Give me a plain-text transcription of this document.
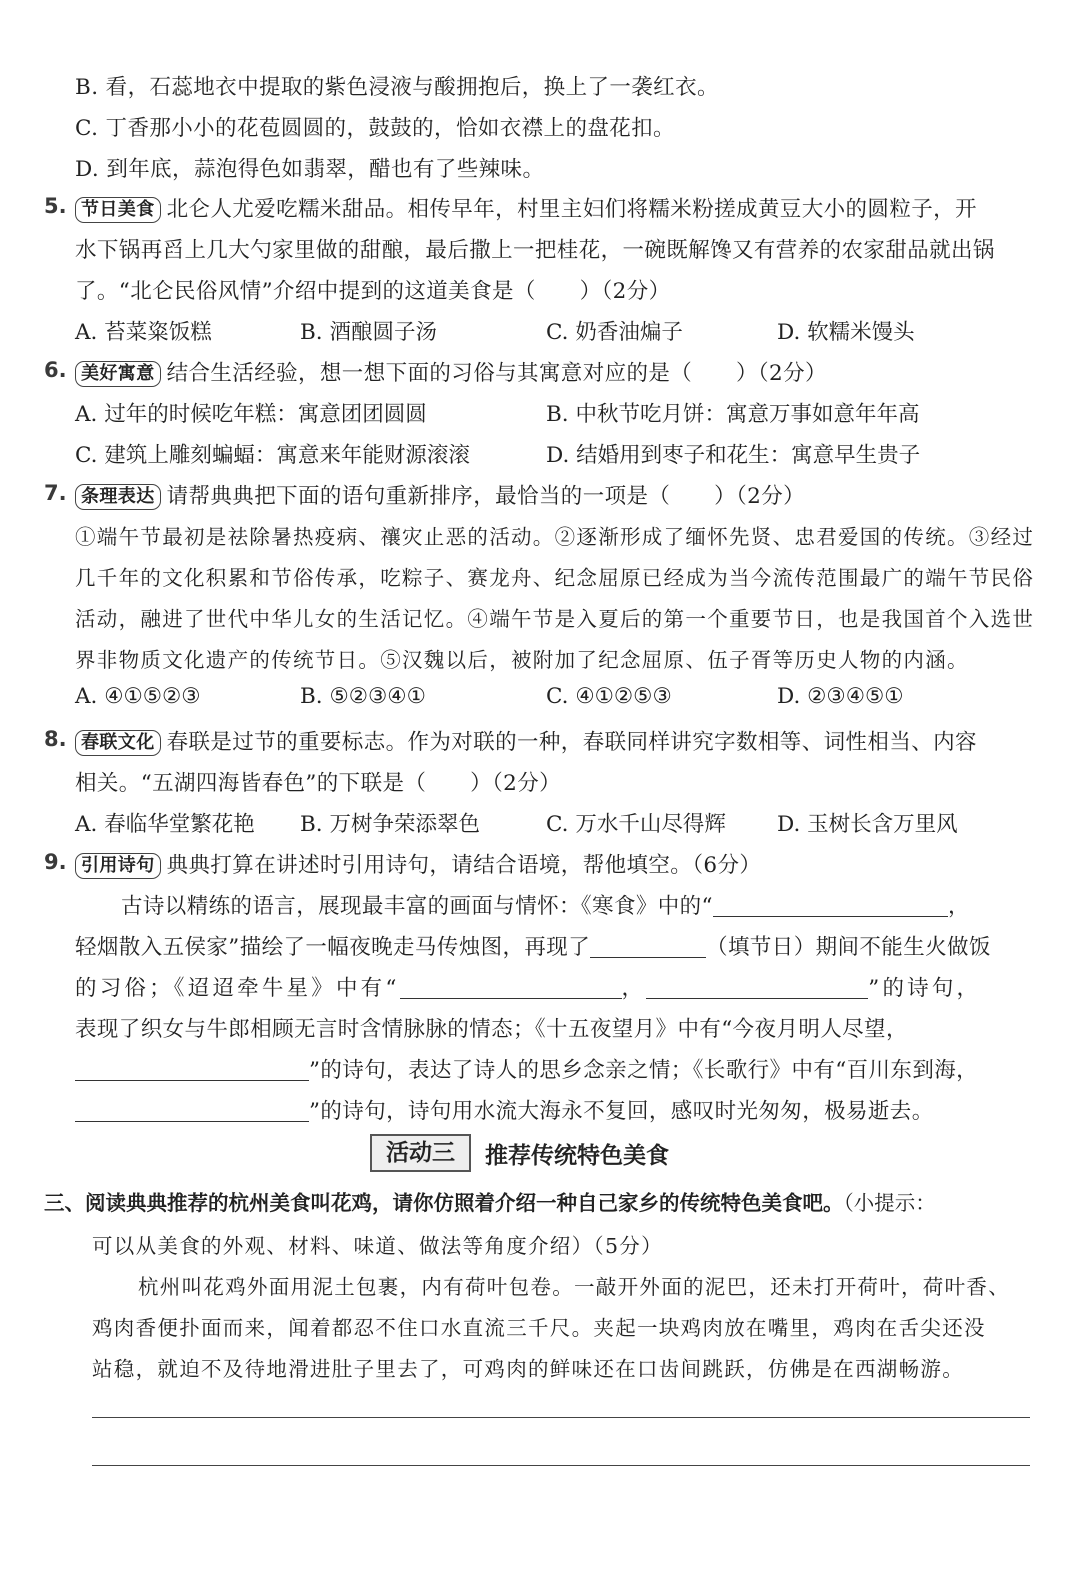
B. 看，石蕊地衣中提取的紫色浸液与酸拥抱后，换上了一袭红衣。
C. 丁香那小小的花苞圆圆的，鼓鼓的，恰如衣襟上的盘花扣。
D. 到年底，蒜泡得色如翡翠，醋也有了些辣味。
5. 节日美食 北仑人尤爱吃糯米甜品。相传早年，村里主妇们将糯米粉搓成黄豆大小的圆粒子，开
水下锅再舀上几大勺家里做的甜酿，最后撒上一把桂花，一碗既解馋又有营养的农家甜品就出锅
了。“北仑民俗风情”介绍中提到的这道美食是（　　）（2分）
A. 苔菜粢饭糕	B. 酒酿圆子汤	C. 奶香油煸子	D. 软糯米馒头
6. 美好寓意 结合生活经验，想一想下面的习俗与其寓意对应的是（　　）（2分）
A. 过年的时候吃年糕：寓意团团圆圆	B. 中秋节吃月饼：寓意万事如意年年高
C. 建筑上雕刻蝙蝠：寓意来年能财源滚滚	D. 结婚用到枣子和花生：寓意早生贵子
7. 条理表达 请帮典典把下面的语句重新排序，最恰当的一项是（　　）（2分）
①端午节最初是祛除暑热疫病、禳灾止恶的活动。②逐渐形成了缅怀先贤、忠君爱国的传统。③经过
几千年的文化积累和节俗传承，吃粽子、赛龙舟、纪念屈原已经成为当今流传范围最广的端午节民俗
活动，融进了世代中华儿女的生活记忆。④端午节是入夏后的第一个重要节日，也是我国首个入选世
界非物质文化遗产的传统节日。⑤汉魏以后，被附加了纪念屈原、伍子胥等历史人物的内涵。
A. ④①⑤②③	B. ⑤②③④①	C. ④①②⑤③	D. ②③④⑤①
8. 春联文化 春联是过节的重要标志。作为对联的一种，春联同样讲究字数相等、词性相当、内容
相关。“五湖四海皆春色”的下联是（　　）（2分）
A. 春临华堂繁花艳 B. 万树争荣添翠色	C. 万水千山尽得辉 D. 玉树长含万里风
9. 引用诗句 典典打算在讲述时引用诗句，请结合语境，帮他填空。（6分）
古诗以精练的语言，展现最丰富的画面与情怀：《寒食》中的“	，
轻烟散入五侯家”描绘了一幅夜晚走马传烛图，再现了	（填节日）期间不能生火做饭
的习俗；《迢迢牵牛星》中有“	，	”的诗句，
表现了织女与牛郎相顾无言时含情脉脉的情态；《十五夜望月》中有“今夜月明人尽望，
”的诗句，表达了诗人的思乡念亲之情；《长歌行》中有“百川东到海，
”的诗句，诗句用水流大海永不复回，感叹时光匆匆，极易逝去。
活动三	推荐传统特色美食
三、阅读典典推荐的杭州美食叫花鸡，请你仿照着介绍一种自己家乡的传统特色美食吧。（小提示：
可以从美食的外观、材料、味道、做法等角度介绍）（5分）
杭州叫花鸡外面用泥土包裹，内有荷叶包卷。一敲开外面的泥巴，还未打开荷叶，荷叶香、
鸡肉香便扑面而来，闻着都忍不住口水直流三千尺。夹起一块鸡肉放在嘴里，鸡肉在舌尖还没
站稳，就迫不及待地滑进肚子里去了，可鸡肉的鲜味还在口齿间跳跃，仿佛是在西湖畅游。
